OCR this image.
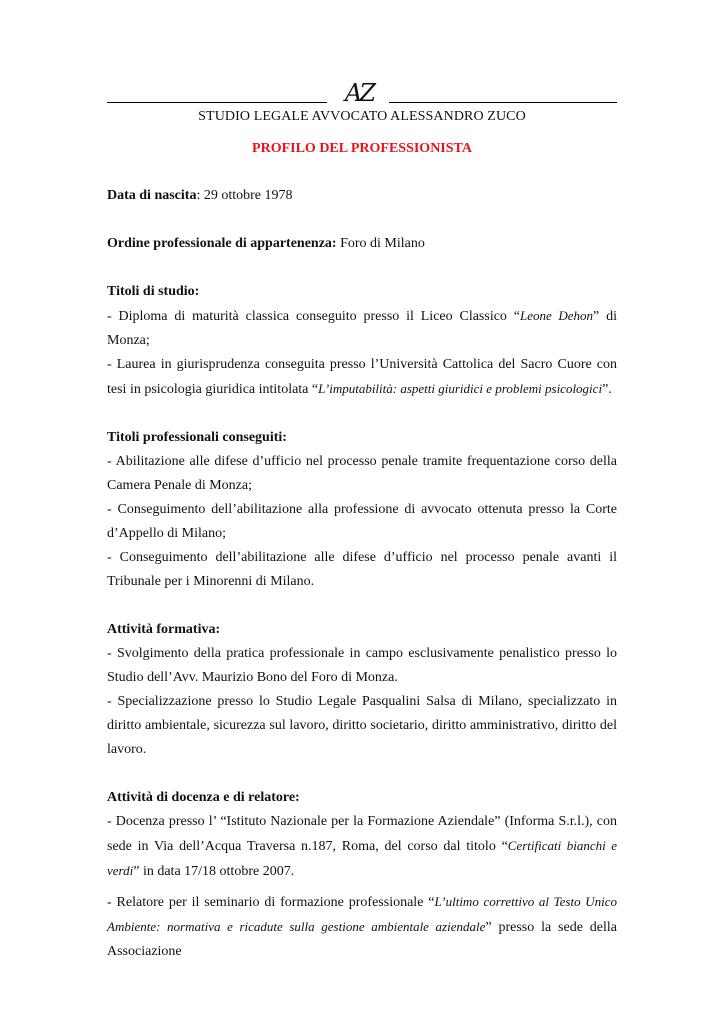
AZ
STUDIO LEGALE AVVOCATO ALESSANDRO ZUCO
PROFILO DEL PROFESSIONISTA

Data di nascita: 29 ottobre 1978

Ordine professionale di appartenenza: Foro di Milano

Titoli di studio:

- Diploma di maturità classica conseguito presso il Liceo Classico “Leone Dehon” di Monza;

- Laurea in giurisprudenza conseguita presso l’Università Cattolica del Sacro Cuore con tesi in psicologia giuridica intitolata “L’imputabilità: aspetti giuridici e problemi psicologici”.

Titoli professionali conseguiti:

- Abilitazione alle difese d’ufficio nel processo penale tramite frequentazione corso della Camera Penale di Monza;

- Conseguimento dell’abilitazione alla professione di avvocato ottenuta presso la Corte d’Appello di Milano;

- Conseguimento dell’abilitazione alle difese d’ufficio nel processo penale avanti il Tribunale per i Minorenni di Milano.

Attività formativa:

- Svolgimento della pratica professionale in campo esclusivamente penalistico presso lo Studio dell’Avv. Maurizio Bono del Foro di Monza.

- Specializzazione presso lo Studio Legale Pasqualini Salsa di Milano, specializzato in diritto ambientale, sicurezza sul lavoro, diritto societario, diritto amministrativo, diritto del lavoro.

Attività di docenza e di relatore:

- Docenza presso l’ “Istituto Nazionale per la Formazione Aziendale” (Informa S.r.l.), con sede in Via dell’Acqua Traversa n.187, Roma, del corso dal titolo “Certificati bianchi e verdi” in data 17/18 ottobre 2007.

- Relatore per il seminario di formazione professionale “L’ultimo correttivo al Testo Unico Ambiente: normativa e ricadute sulla gestione ambientale aziendale” presso la sede della Associazione
